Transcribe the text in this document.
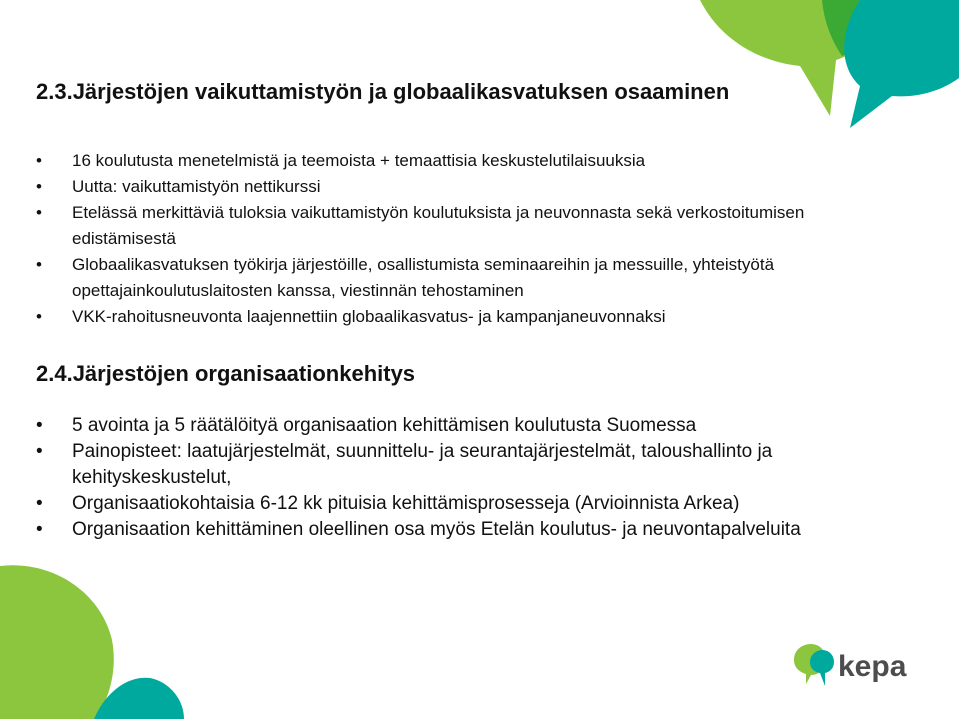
2.3.Järjestöjen vaikuttamistyön ja globaalikasvatuksen osaaminen
• 16 koulutusta menetelmistä ja teemoista + temaattisia keskustelutilaisuuksia
• Uutta: vaikuttamistyön nettikurssi
• Etelässä merkittäviä tuloksia vaikuttamistyön koulutuksista ja neuvonnasta sekä verkostoitumisen edistämisestä
• Globaalikasvatuksen työkirja järjestöille, osallistumista seminaareihin ja messuille, yhteistyötä opettajainkoulutuslaitosten kanssa, viestinnän tehostaminen
• VKK-rahoitusneuvonta laajennettiin globaalikasvatus- ja kampanjaneuvonnaksi
2.4.Järjestöjen organisaationkehitys
• 5 avointa ja 5 räätälöityä organisaation kehittämisen koulutusta Suomessa
• Painopisteet: laatujärjestelmät, suunnittelu- ja seurantajärjestelmät, taloushallinto ja kehityskeskustelut,
• Organisaatiokohtaisia 6-12 kk pituisia kehittämisprosesseja (Arvioinnista Arkea)
• Organisaation kehittäminen oleellinen osa myös Etelän koulutus- ja neuvontapalveluita
kepa
